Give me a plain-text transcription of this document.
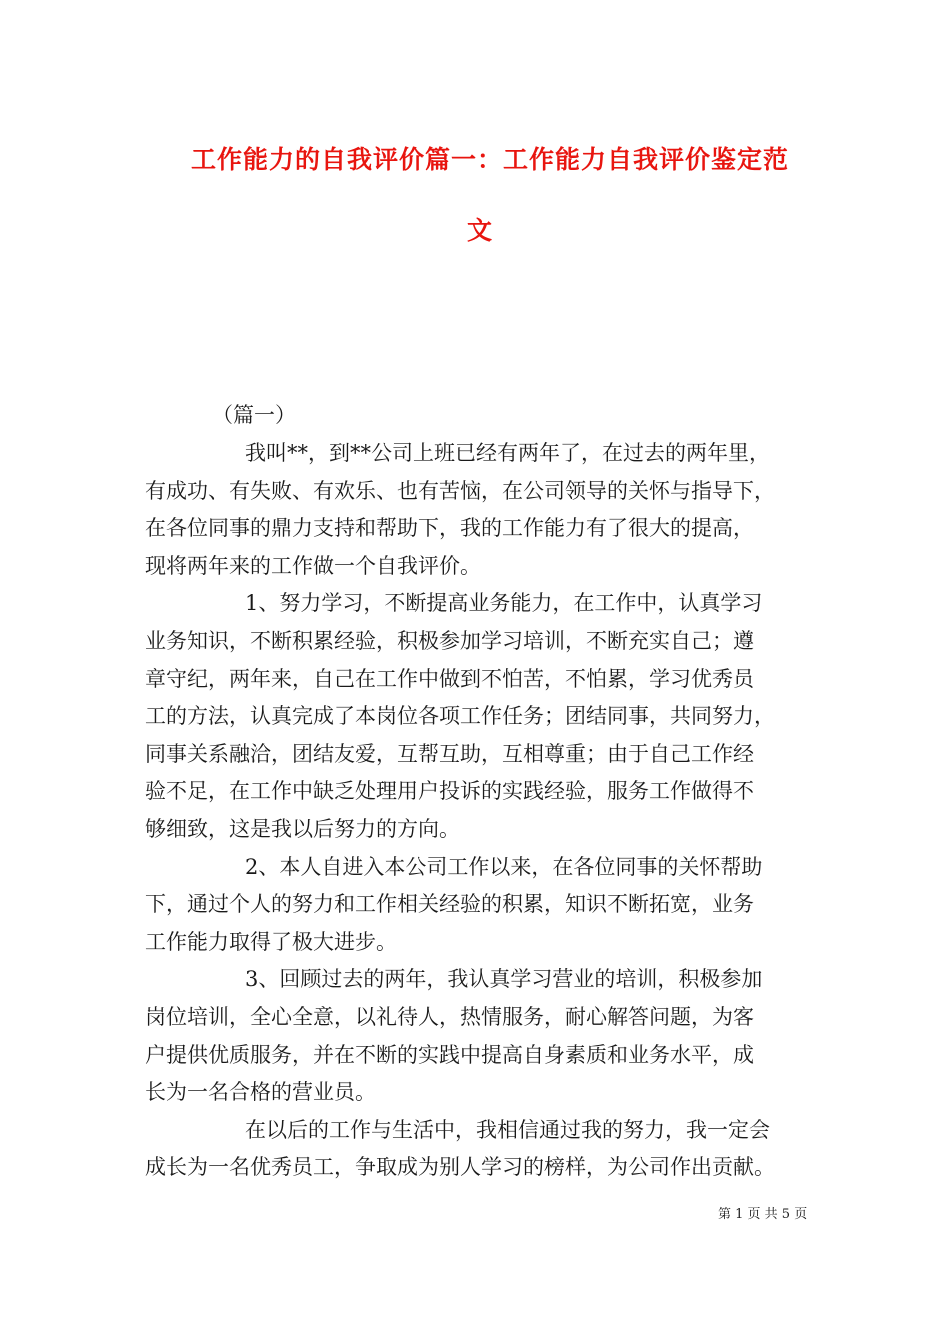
工作能力的自我评价篇一：工作能力自我评价鉴定范
文
（篇一）
我叫**，到**公司上班已经有两年了，在过去的两年里，
有成功、有失败、有欢乐、也有苦恼，在公司领导的关怀与指导下，
在各位同事的鼎力支持和帮助下，我的工作能力有了很大的提高，
现将两年来的工作做一个自我评价。
1、努力学习，不断提高业务能力，在工作中，认真学习
业务知识，不断积累经验，积极参加学习培训，不断充实自己；遵
章守纪，两年来，自己在工作中做到不怕苦，不怕累，学习优秀员
工的方法，认真完成了本岗位各项工作任务；团结同事，共同努力，
同事关系融洽，团结友爱，互帮互助，互相尊重；由于自己工作经
验不足，在工作中缺乏处理用户投诉的实践经验，服务工作做得不
够细致，这是我以后努力的方向。
2、本人自进入本公司工作以来，在各位同事的关怀帮助
下，通过个人的努力和工作相关经验的积累，知识不断拓宽，业务
工作能力取得了极大进步。
3、回顾过去的两年，我认真学习营业的培训，积极参加
岗位培训，全心全意，以礼待人，热情服务，耐心解答问题，为客
户提供优质服务，并在不断的实践中提高自身素质和业务水平，成
长为一名合格的营业员。
在以后的工作与生活中，我相信通过我的努力，我一定会
成长为一名优秀员工，争取成为别人学习的榜样，为公司作出贡献。
第 1 页 共 5 页
